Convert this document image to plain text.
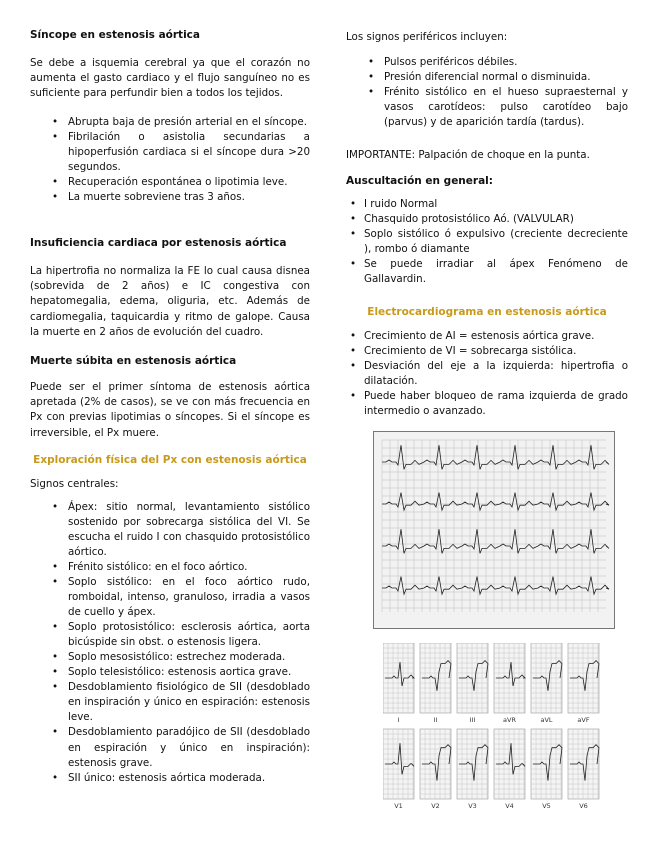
Síncope en estenosis aórtica

Se debe a isquemia cerebral ya que el corazón no aumenta el gasto cardiaco y el flujo sanguíneo no es suficiente para perfundir bien a todos los tejidos.

• Abrupta baja de presión arterial en el síncope.
• Fibrilación o asistolia secundarias a hipoperfusión cardiaca si el síncope dura >20 segundos.
• Recuperación espontánea o lipotimia leve.
• La muerte sobreviene tras 3 años.
Insuficiencia cardiaca por estenosis aórtica

La hipertrofia no normaliza la FE lo cual causa disnea (sobrevida de 2 años) e IC congestiva con hepatomegalia, edema, oliguria, etc. Además de cardiomegalia, taquicardia y ritmo de galope. Causa la muerte en 2 años de evolución del cuadro.

Muerte súbita en estenosis aórtica

Puede ser el primer síntoma de estenosis aórtica apretada (2% de casos), se ve con más frecuencia en Px con previas lipotimias o síncopes. Si el síncope es irreversible, el Px muere.

Exploración física del Px con estenosis aórtica

Signos centrales:

• Ápex: sitio normal, levantamiento sistólico sostenido por sobrecarga sistólica del VI. Se escucha el ruido I con chasquido protosistólico aórtico.
• Frénito sistólico: en el foco aórtico.
• Soplo sistólico: en el foco aórtico rudo, romboidal, intenso, granuloso, irradia a vasos de cuello y ápex.
• Soplo protosistólico: esclerosis aórtica, aorta bicúspide sin obst. o estenosis ligera.
• Soplo mesosistólico: estrechez moderada.
• Soplo telesistólico: estenosis aortica grave.
• Desdoblamiento fisiológico de SII (desdoblado en inspiración y único en espiración: estenosis leve.
• Desdoblamiento paradójico de SII (desdoblado en espiración y único en inspiración): estenosis grave.
• SII único: estenosis aórtica moderada.

Los signos periféricos incluyen:

• Pulsos periféricos débiles.
• Presión diferencial normal o disminuida.
• Frénito sistólico en el hueso supraesternal y vasos carotídeos: pulso carotídeo bajo (parvus) y de aparición tardía (tardus).

IMPORTANTE: Palpación de choque en la punta.

Auscultación en general:
• I ruido Normal
• Chasquido protosistólico Aó. (VALVULAR)
• Soplo sistólico ó expulsivo (creciente decreciente ), rombo ó diamante
• Se puede irradiar al ápex Fenómeno de Gallavardin.
Electrocardiograma en estenosis aórtica
• Crecimiento de AI = estenosis aórtica grave.
• Crecimiento de VI = sobrecarga sistólica.
• Desviación del eje a la izquierda: hipertrofia o dilatación.
• Puede haber bloqueo de rama izquierda de grado intermedio o avanzado.
I	II	III	aVR	aVL	aVF
V1	V2	V3	V4	V5	V6
